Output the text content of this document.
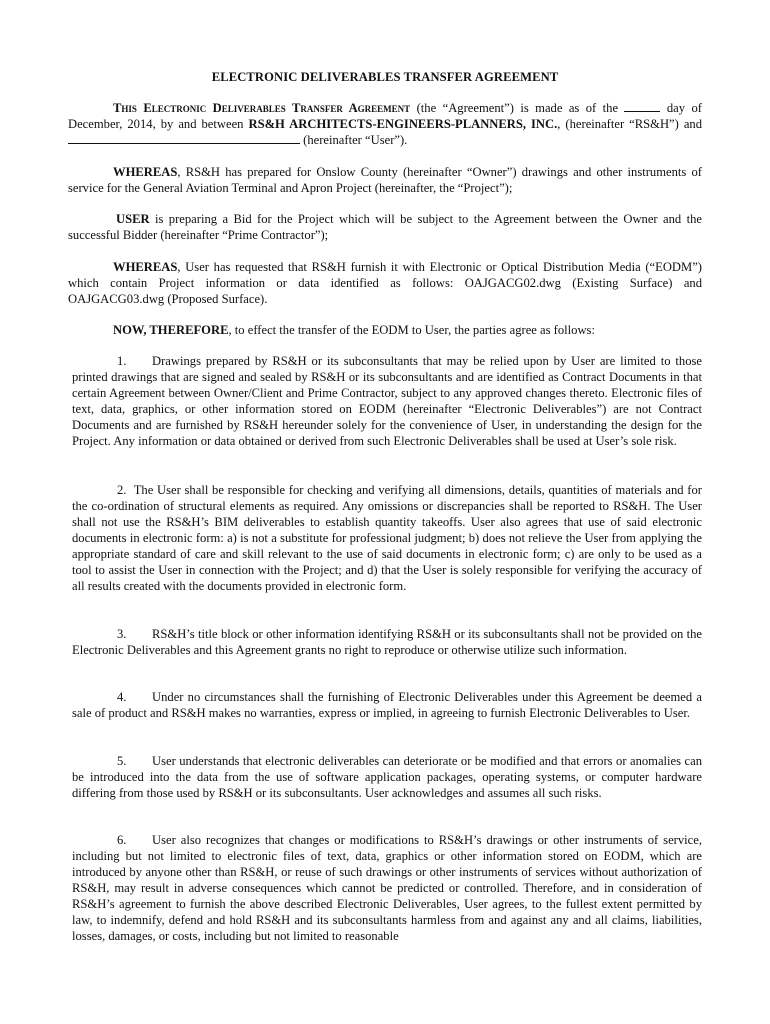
ELECTRONIC DELIVERABLES TRANSFER AGREEMENT

This Electronic Deliverables Transfer Agreement (the “Agreement”) is made as of the	day of December, 2014, by and between RS&H ARCHITECTS-ENGINEERS-PLANNERS, INC., (hereinafter “RS&H”) and  (hereinafter “User”).

WHEREAS, RS&H has prepared for Onslow County (hereinafter “Owner”) drawings and other instruments of service for the General Aviation Terminal and Apron Project (hereinafter, the “Project”);

USER is preparing a Bid for the Project which will be subject to the Agreement between the Owner and the successful Bidder (hereinafter “Prime Contractor”);

WHEREAS, User has requested that RS&H furnish it with Electronic or Optical Distribution Media (“EODM”) which contain Project information or data identified as follows: OAJGACG02.dwg (Existing Surface) and OAJGACG03.dwg (Proposed Surface).

NOW, THEREFORE, to effect the transfer of the EODM to User, the parties agree as follows:

1. Drawings prepared by RS&H or its subconsultants that may be relied upon by User are limited to those printed drawings that are signed and sealed by RS&H or its subconsultants and are identified as Contract Documents in that certain Agreement between Owner/Client and Prime Contractor, subject to any approved changes thereto. Electronic files of text, data, graphics, or other information stored on EODM (hereinafter “Electronic Deliverables”) are not Contract Documents and are furnished by RS&H hereunder solely for the convenience of User, in understanding the design for the Project. Any information or data obtained or derived from such Electronic Deliverables shall be used at User’s sole risk.

2. The User shall be responsible for checking and verifying all dimensions, details, quantities of materials and for the co-ordination of structural elements as required. Any omissions or discrepancies shall be reported to RS&H. The User shall not use the RS&H’s BIM deliverables to establish quantity takeoffs. User also agrees that use of said electronic documents in electronic form: a) is not a substitute for professional judgment; b) does not relieve the User from applying the appropriate standard of care and skill relevant to the use of said documents in electronic form; c) are only to be used as a tool to assist the User in connection with the Project; and d) that the User is solely responsible for verifying the accuracy of all results created with the documents provided in electronic form.

3. RS&H’s title block or other information identifying RS&H or its subconsultants shall not be provided on the Electronic Deliverables and this Agreement grants no right to reproduce or otherwise utilize such information.

4. Under no circumstances shall the furnishing of Electronic Deliverables under this Agreement be deemed a sale of product and RS&H makes no warranties, express or implied, in agreeing to furnish Electronic Deliverables to User.

5. User understands that electronic deliverables can deteriorate or be modified and that errors or anomalies can be introduced into the data from the use of software application packages, operating systems, or computer hardware differing from those used by RS&H or its subconsultants. User acknowledges and assumes all such risks.

6. User also recognizes that changes or modifications to RS&H’s drawings or other instruments of service, including but not limited to electronic files of text, data, graphics or other information stored on EODM, which are introduced by anyone other than RS&H, or reuse of such drawings or other instruments of services without authorization of RS&H, may result in adverse consequences which cannot be predicted or controlled. Therefore, and in consideration of RS&H’s agreement to furnish the above described Electronic Deliverables, User agrees, to the fullest extent permitted by law, to indemnify, defend and hold RS&H and its subconsultants harmless from and against any and all claims, liabilities, losses, damages, or costs, including but not limited to reasonable
